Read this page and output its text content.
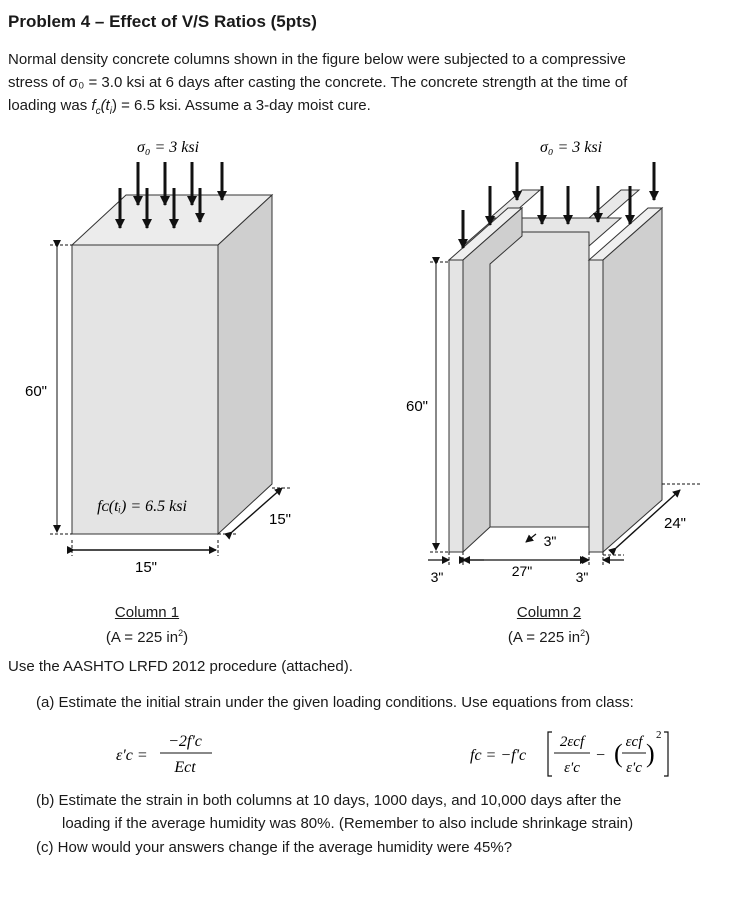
Problem 4 – Effect of V/S Ratios (5pts)
Normal density concrete columns shown in the figure below were subjected to a compressive
stress of σ₀ = 3.0 ksi at 6 days after casting the concrete. The concrete strength at the time of
loading was $f_c(t_i) = 6.5$ ksi. Assume a 3-day moist cure.
σ₀ = 3 ksi
60"
15"
15"
fᴄ(tᵢ) = 6.5 ksi
σ₀ = 3 ksi
60"
24"
3"
3"	27"	3"
Column 1
(A = 225 $in^2$)
Column 2
(A = 225 $in^2$)
Use the AASHTO LRFD 2012 procedure (attached).
(a) Estimate the initial strain under the given loading conditions. Use equations from class:
ε'c =
−2f'c
Ect
fc = −f'c
2εcf
ε'c
− ( εcf
ε'c )
2
(b) Estimate the strain in both columns at 10 days, 1000 days, and 10,000 days after the
loading if the average humidity was 80%. (Remember to also include shrinkage strain)
(c) How would your answers change if the average humidity were 45%?
